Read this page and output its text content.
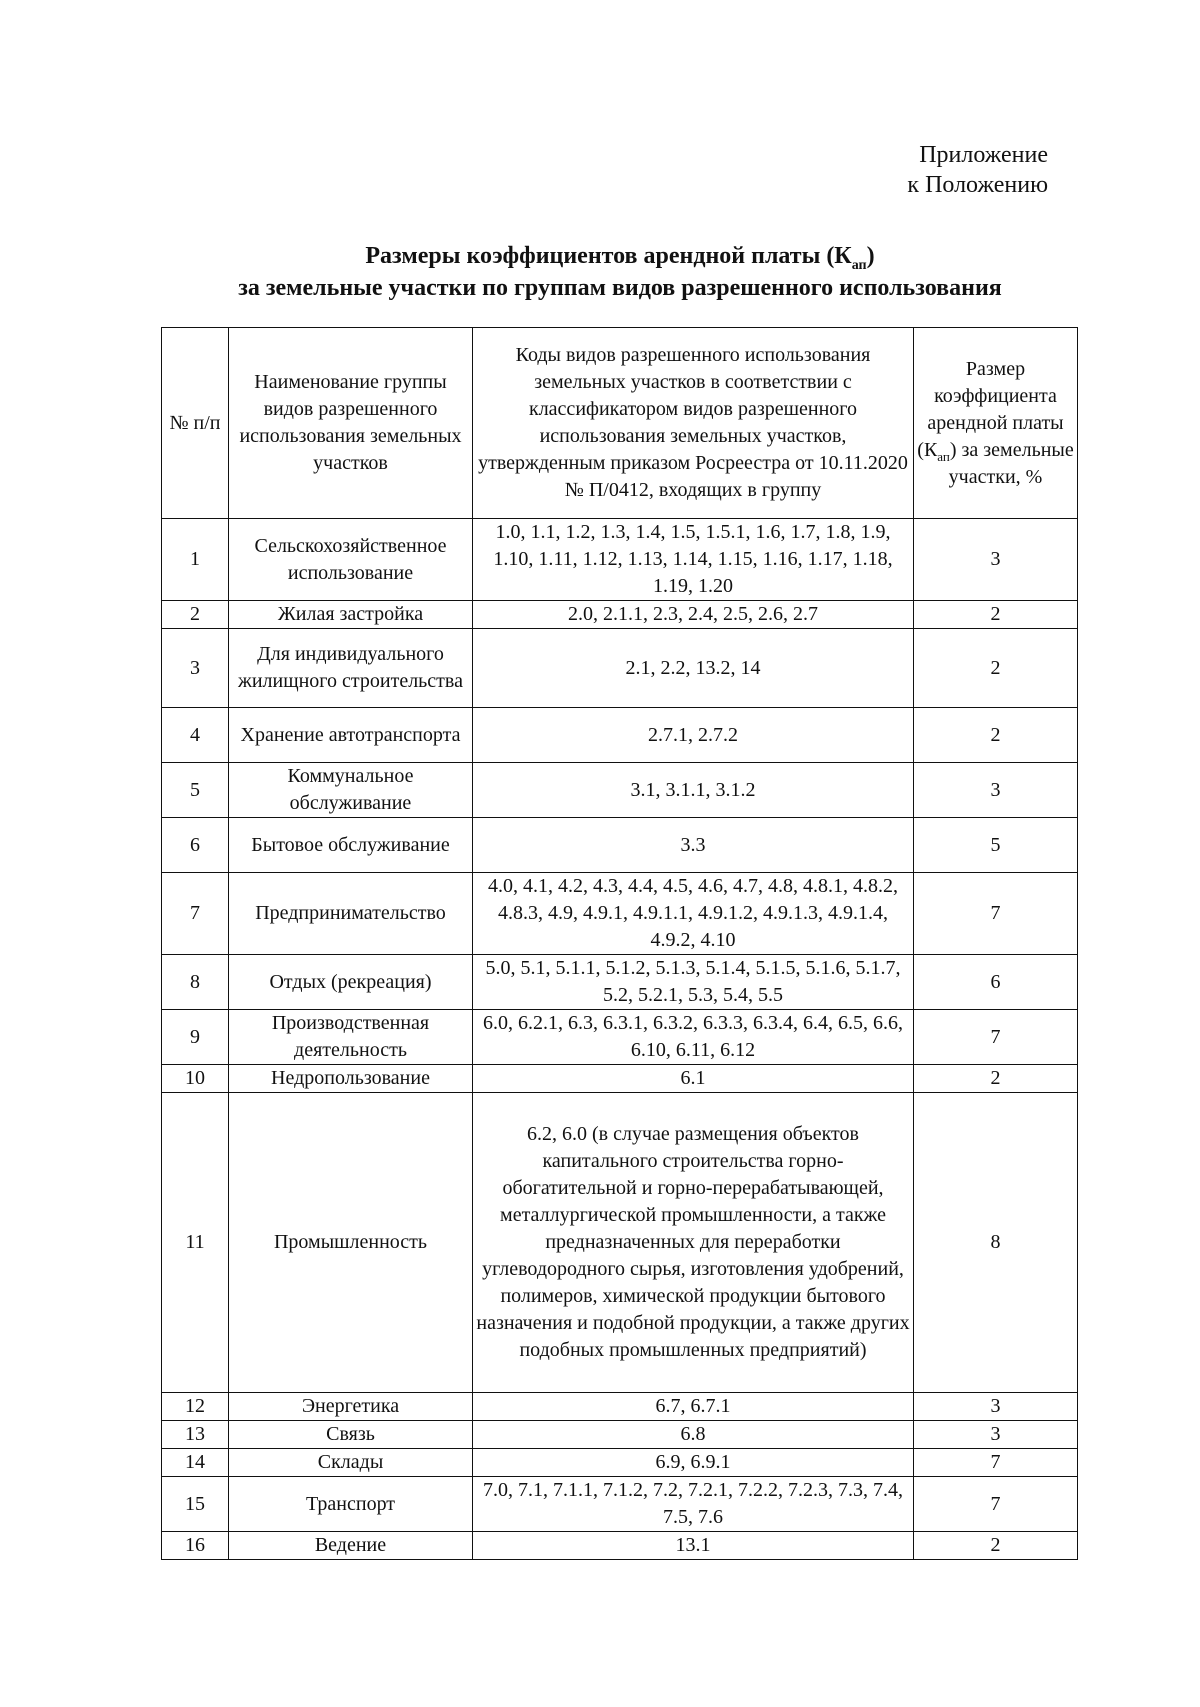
Приложение
к Положению
Размеры коэффициентов арендной платы $(К_{ап})$
за земельные участки по группам видов разрешенного использования
№ п/п	Наименование группы видов разрешенного использования земельных участков	Коды видов разрешенного использования земельных участков в соответствии с классификатором видов разрешенного использования земельных участков, утвержденным приказом Росреестра от 10.11.2020 № П/0412, входящих в группу	Размер коэффициента арендной платы $(К_{ап})$ за земельные участки, %
1	Сельскохозяйственное использование	1.0, 1.1, 1.2, 1.3, 1.4, 1.5, 1.5.1, 1.6, 1.7, 1.8, 1.9, 1.10, 1.11, 1.12, 1.13, 1.14, 1.15, 1.16, 1.17, 1.18, 1.19, 1.20	3
2	Жилая застройка	2.0, 2.1.1, 2.3, 2.4, 2.5, 2.6, 2.7	2
3	Для индивидуального жилищного строительства	2.1, 2.2, 13.2, 14	2
4	Хранение автотранспорта	2.7.1, 2.7.2	2
5	Коммунальное обслуживание	3.1, 3.1.1, 3.1.2	3
6	Бытовое обслуживание	3.3	5
7	Предпринимательство	4.0, 4.1, 4.2, 4.3, 4.4, 4.5, 4.6, 4.7, 4.8, 4.8.1, 4.8.2, 4.8.3, 4.9, 4.9.1, 4.9.1.1, 4.9.1.2, 4.9.1.3, 4.9.1.4, 4.9.2, 4.10	7
8	Отдых (рекреация)	5.0, 5.1, 5.1.1, 5.1.2, 5.1.3, 5.1.4, 5.1.5, 5.1.6, 5.1.7, 5.2, 5.2.1, 5.3, 5.4, 5.5	6
9	Производственная деятельность	6.0, 6.2.1, 6.3, 6.3.1, 6.3.2, 6.3.3, 6.3.4, 6.4, 6.5, 6.6, 6.10, 6.11, 6.12	7
10	Недропользование	6.1	2
11	Промышленность	6.2, 6.0 (в случае размещения объектов капитального строительства горно-обогатительной и горно-перерабатывающей, металлургической промышленности, а также предназначенных для переработки углеводородного сырья, изготовления удобрений, полимеров, химической продукции бытового назначения и подобной продукции, а также других подобных промышленных предприятий)	8
12	Энергетика	6.7, 6.7.1	3
13	Связь	6.8	3
14	Склады	6.9, 6.9.1	7
15	Транспорт	7.0, 7.1, 7.1.1, 7.1.2, 7.2, 7.2.1, 7.2.2, 7.2.3, 7.3, 7.4, 7.5, 7.6	7
16	Ведение	13.1	2
